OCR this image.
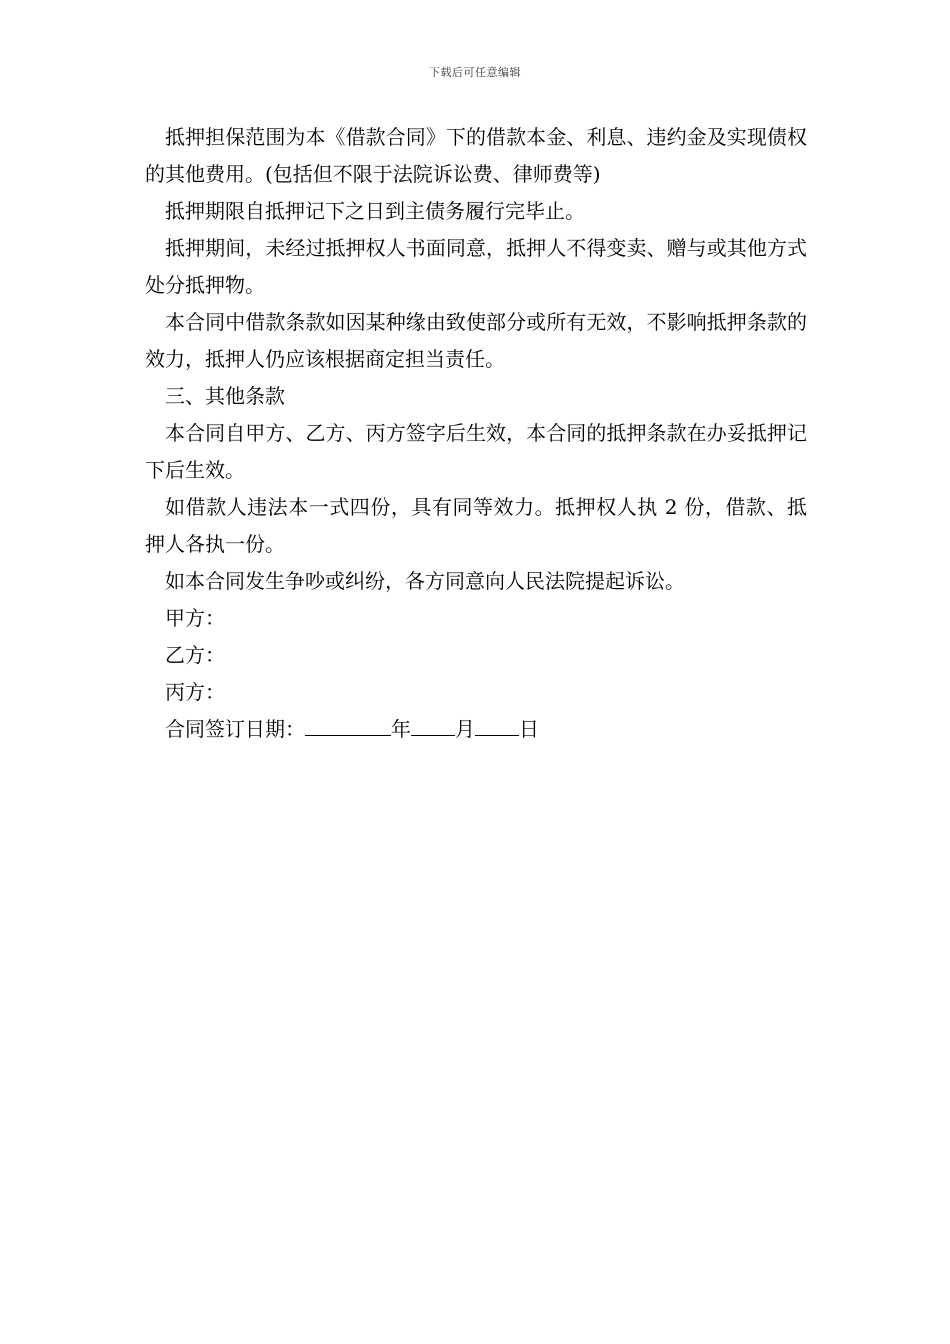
下载后可任意编辑

抵押担保范围为本《借款合同》下的借款本金、利息、违约金及实现债权的其他费用。(包括但不限于法院诉讼费、律师费等)

抵押期限自抵押记下之日到主债务履行完毕止。

抵押期间，未经过抵押权人书面同意，抵押人不得变卖、赠与或其他方式处分抵押物。

本合同中借款条款如因某种缘由致使部分或所有无效，不影响抵押条款的效力，抵押人仍应该根据商定担当责任。

三、其他条款

本合同自甲方、乙方、丙方签字后生效，本合同的抵押条款在办妥抵押记下后生效。

如借款人违法本一式四份，具有同等效力。抵押权人执 2 份，借款、抵押人各执一份。

如本合同发生争吵或纠纷，各方同意向人民法院提起诉讼。

甲方：

乙方：

丙方：

合同签订日期：	年 月 日
